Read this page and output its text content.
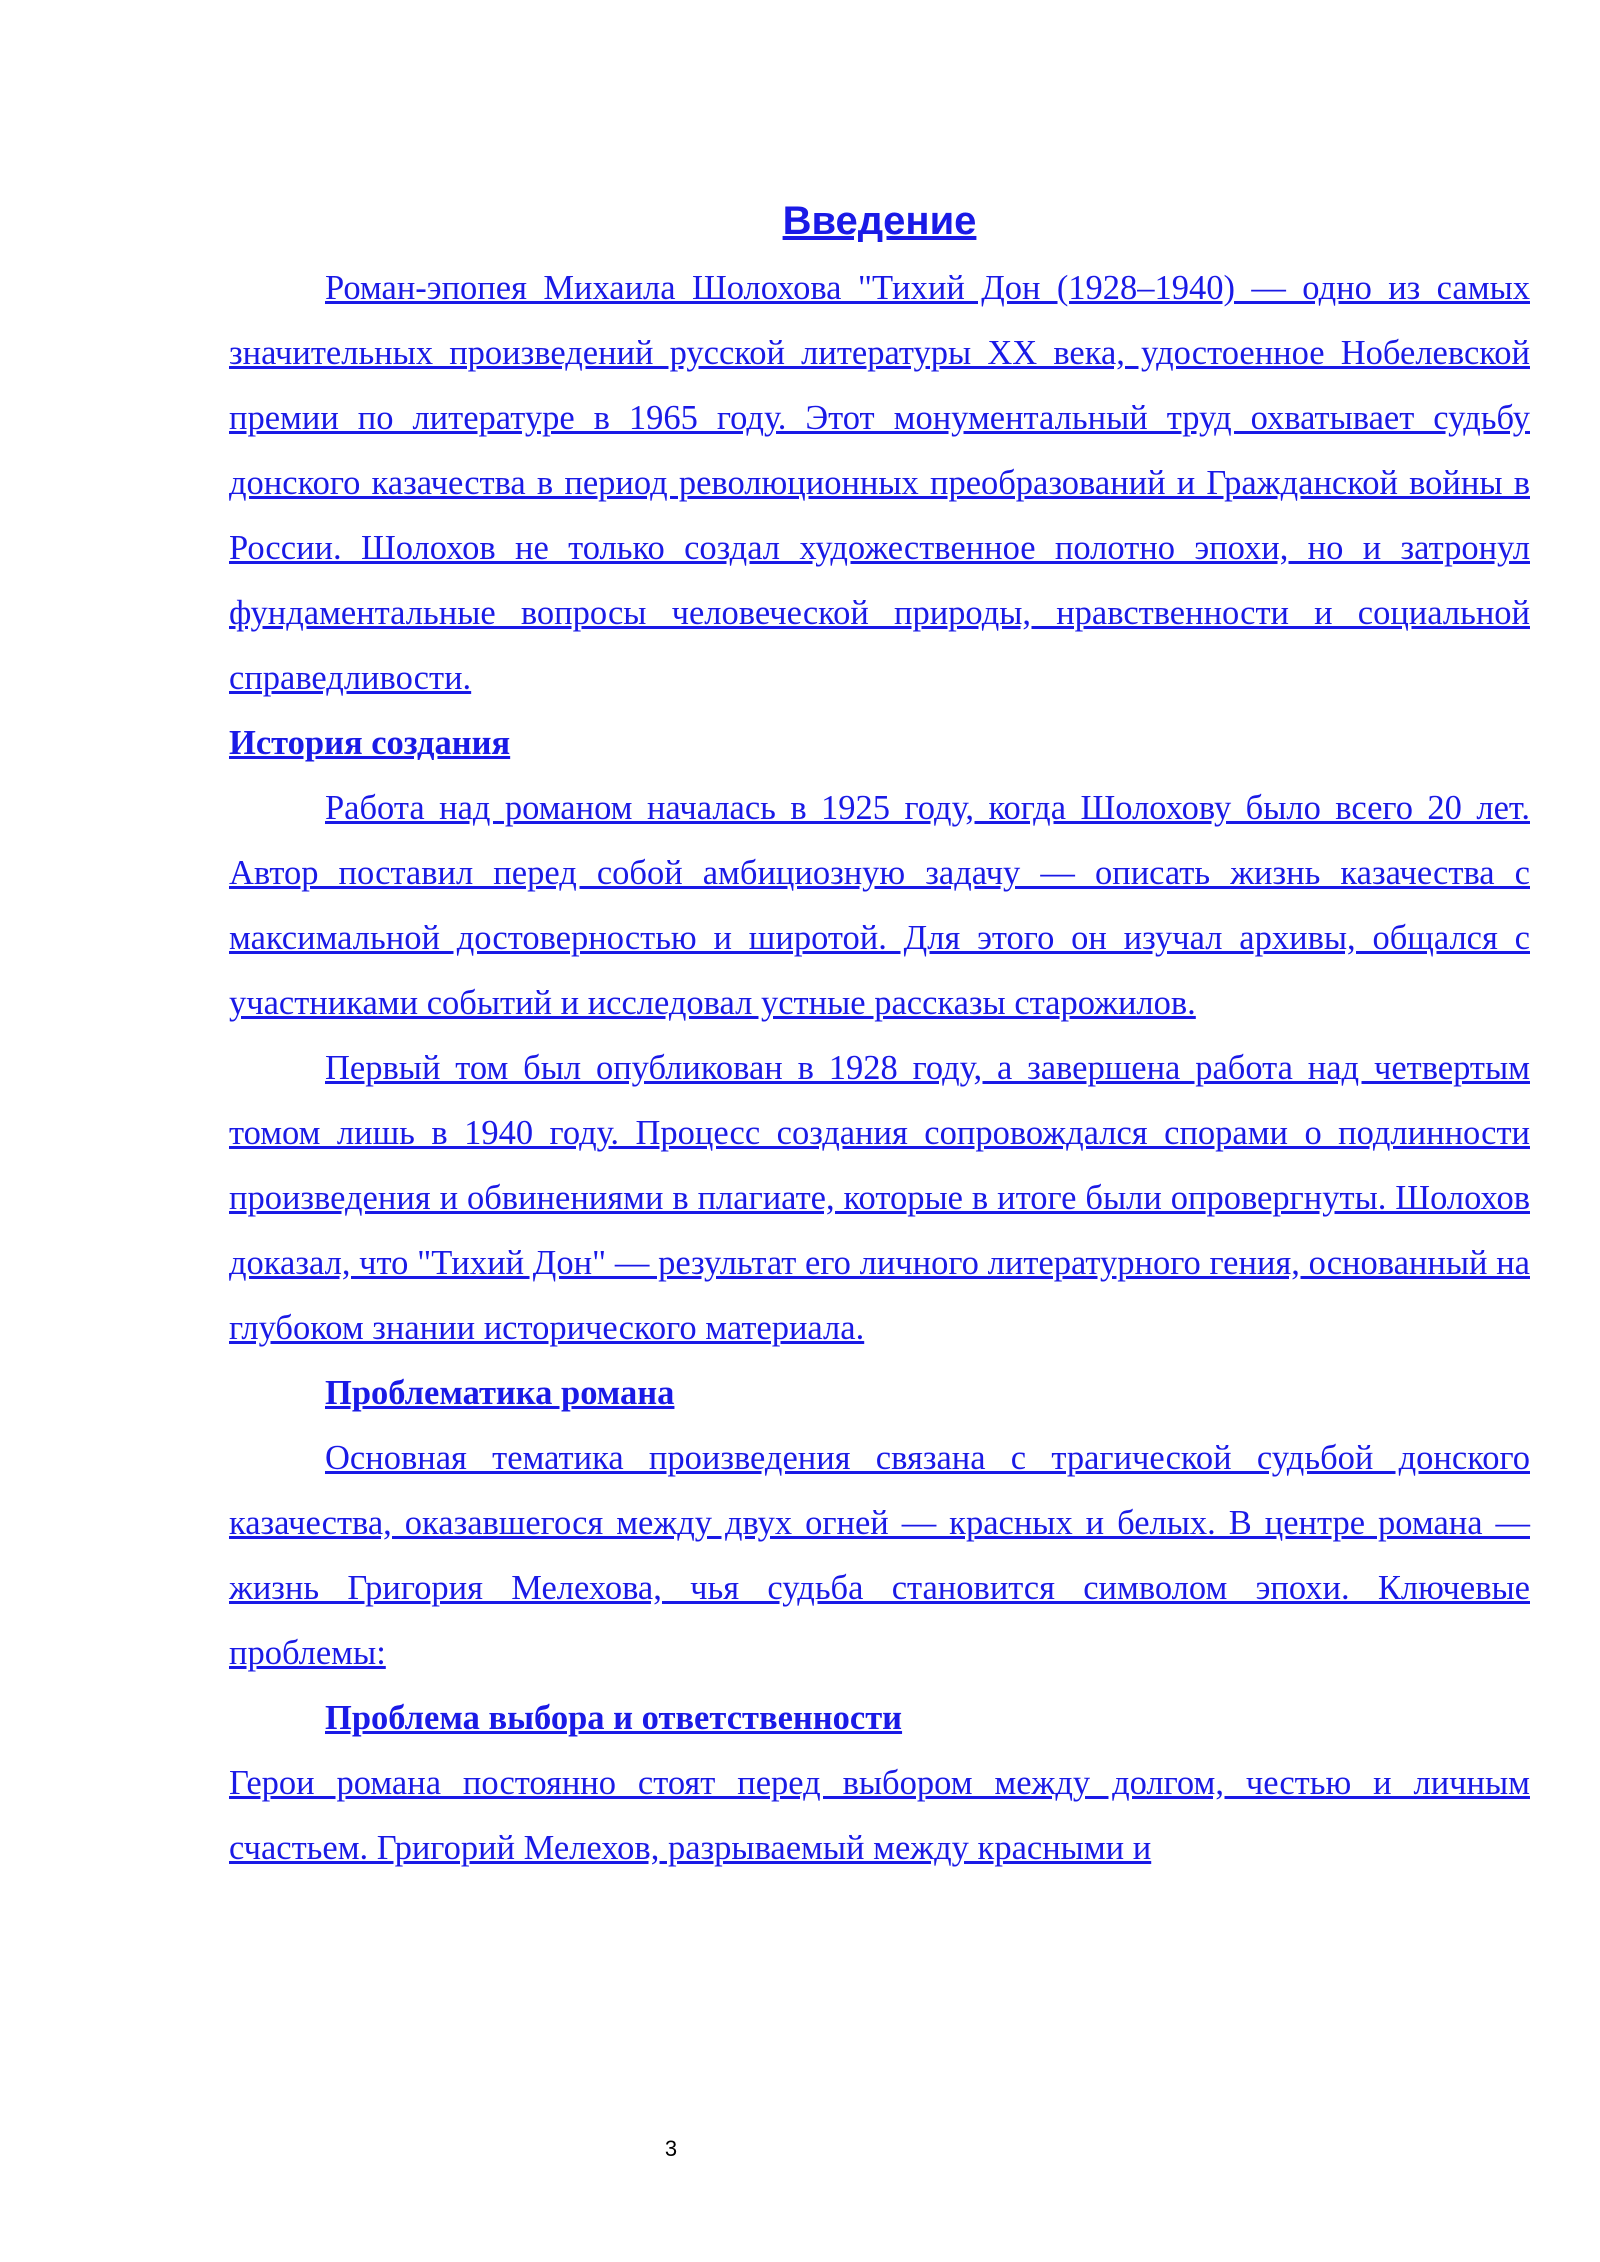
Введение

Роман-эпопея Михаила Шолохова "Тихий Дон (1928–1940) — одно из самых значительных произведений русской литературы XX века, удостоенное Нобелевской премии по литературе в 1965 году. Этот монументальный труд охватывает судьбу донского казачества в период революционных преобразований и Гражданской войны в России. Шолохов не только создал художественное полотно эпохи, но и затронул фундаментальные вопросы человеческой природы, нравственности и социальной справедливости.

История создания

Работа над романом началась в 1925 году, когда Шолохову было всего 20 лет. Автор поставил перед собой амбициозную задачу — описать жизнь казачества с максимальной достоверностью и широтой. Для этого он изучал архивы, общался с участниками событий и исследовал устные рассказы старожилов.

Первый том был опубликован в 1928 году, а завершена работа над четвертым томом лишь в 1940 году. Процесс создания сопровождался спорами о подлинности произведения и обвинениями в плагиате, которые в итоге были опровергнуты. Шолохов доказал, что "Тихий Дон" — результат его личного литературного гения, основанный на глубоком знании исторического материала.

Проблематика романа

Основная тематика произведения связана с трагической судьбой донского казачества, оказавшегося между двух огней — красных и белых. В центре романа — жизнь Григория Мелехова, чья судьба становится символом эпохи. Ключевые проблемы:

Проблема выбора и ответственности

Герои романа постоянно стоят перед выбором между долгом, честью и личным счастьем. Григорий Мелехов, разрываемый между красными и

3
